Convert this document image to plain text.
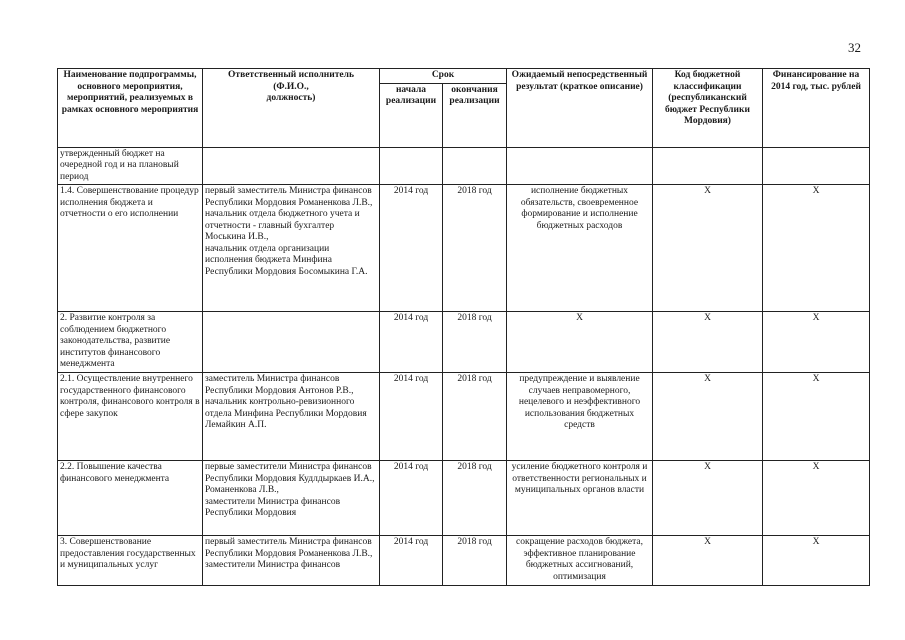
32
Наименование подпрограммы, основного мероприятия, мероприятий, реализуемых в рамках основного мероприятия	Ответственный исполнитель
(Ф.И.О.,
должность)	Срок		Ожидаемый непосредственный результат (краткое описание)	Код бюджетной классификации (республиканский бюджет Республики Мордовия)	Финансирование на 2014 год, тыс. рублей

		начала реализации	окончания реализации			

утвержденный бюджет на очередной год и на плановый период						

1.4. Совершенствование процедур исполнения бюджета и отчетности о его исполнении	первый заместитель Министра финансов Республики Мордовия Романенкова Л.В.,
начальник отдела бюджетного учета и отчетности - главный бухгалтер Моськина И.В.,
начальник отдела организации исполнения бюджета Минфина Республики Мордовия Босомыкина Г.А.	2014 год	2018 год	исполнение бюджетных обязательств, своевременное формирование и исполнение бюджетных расходов	X	X

2. Развитие контроля за соблюдением бюджетного законодательства, развитие институтов финансового менеджмента		2014 год	2018 год	X	X	X

2.1. Осуществление внутреннего государственного финансового контроля, финансового контроля в сфере закупок	заместитель Министра финансов Республики Мордовия Антонов Р.В.,
начальник контрольно-ревизионного отдела Минфина Республики Мордовия Лемайкин А.П.	2014 год	2018 год	предупреждение и выявление случаев неправомерного, нецелевого и неэффективного использования бюджетных средств	X	X

2.2. Повышение качества финансового менеджмента	первые заместители Министра финансов Республики Мордовия Кудлдыркаев И.А., Романенкова Л.В.,
заместители Министра финансов Республики Мордовия	2014 год	2018 год	усиление бюджетного контроля и ответственности региональных и муниципальных органов власти	X	X

3. Совершенствование предоставления государственных и муниципальных услуг	первый заместитель Министра финансов Республики Мордовия Романенкова Л.В.,
заместители Министра финансов	2014 год	2018 год	сокращение расходов бюджета, эффективное планирование бюджетных ассигнований, оптимизация	X	X
